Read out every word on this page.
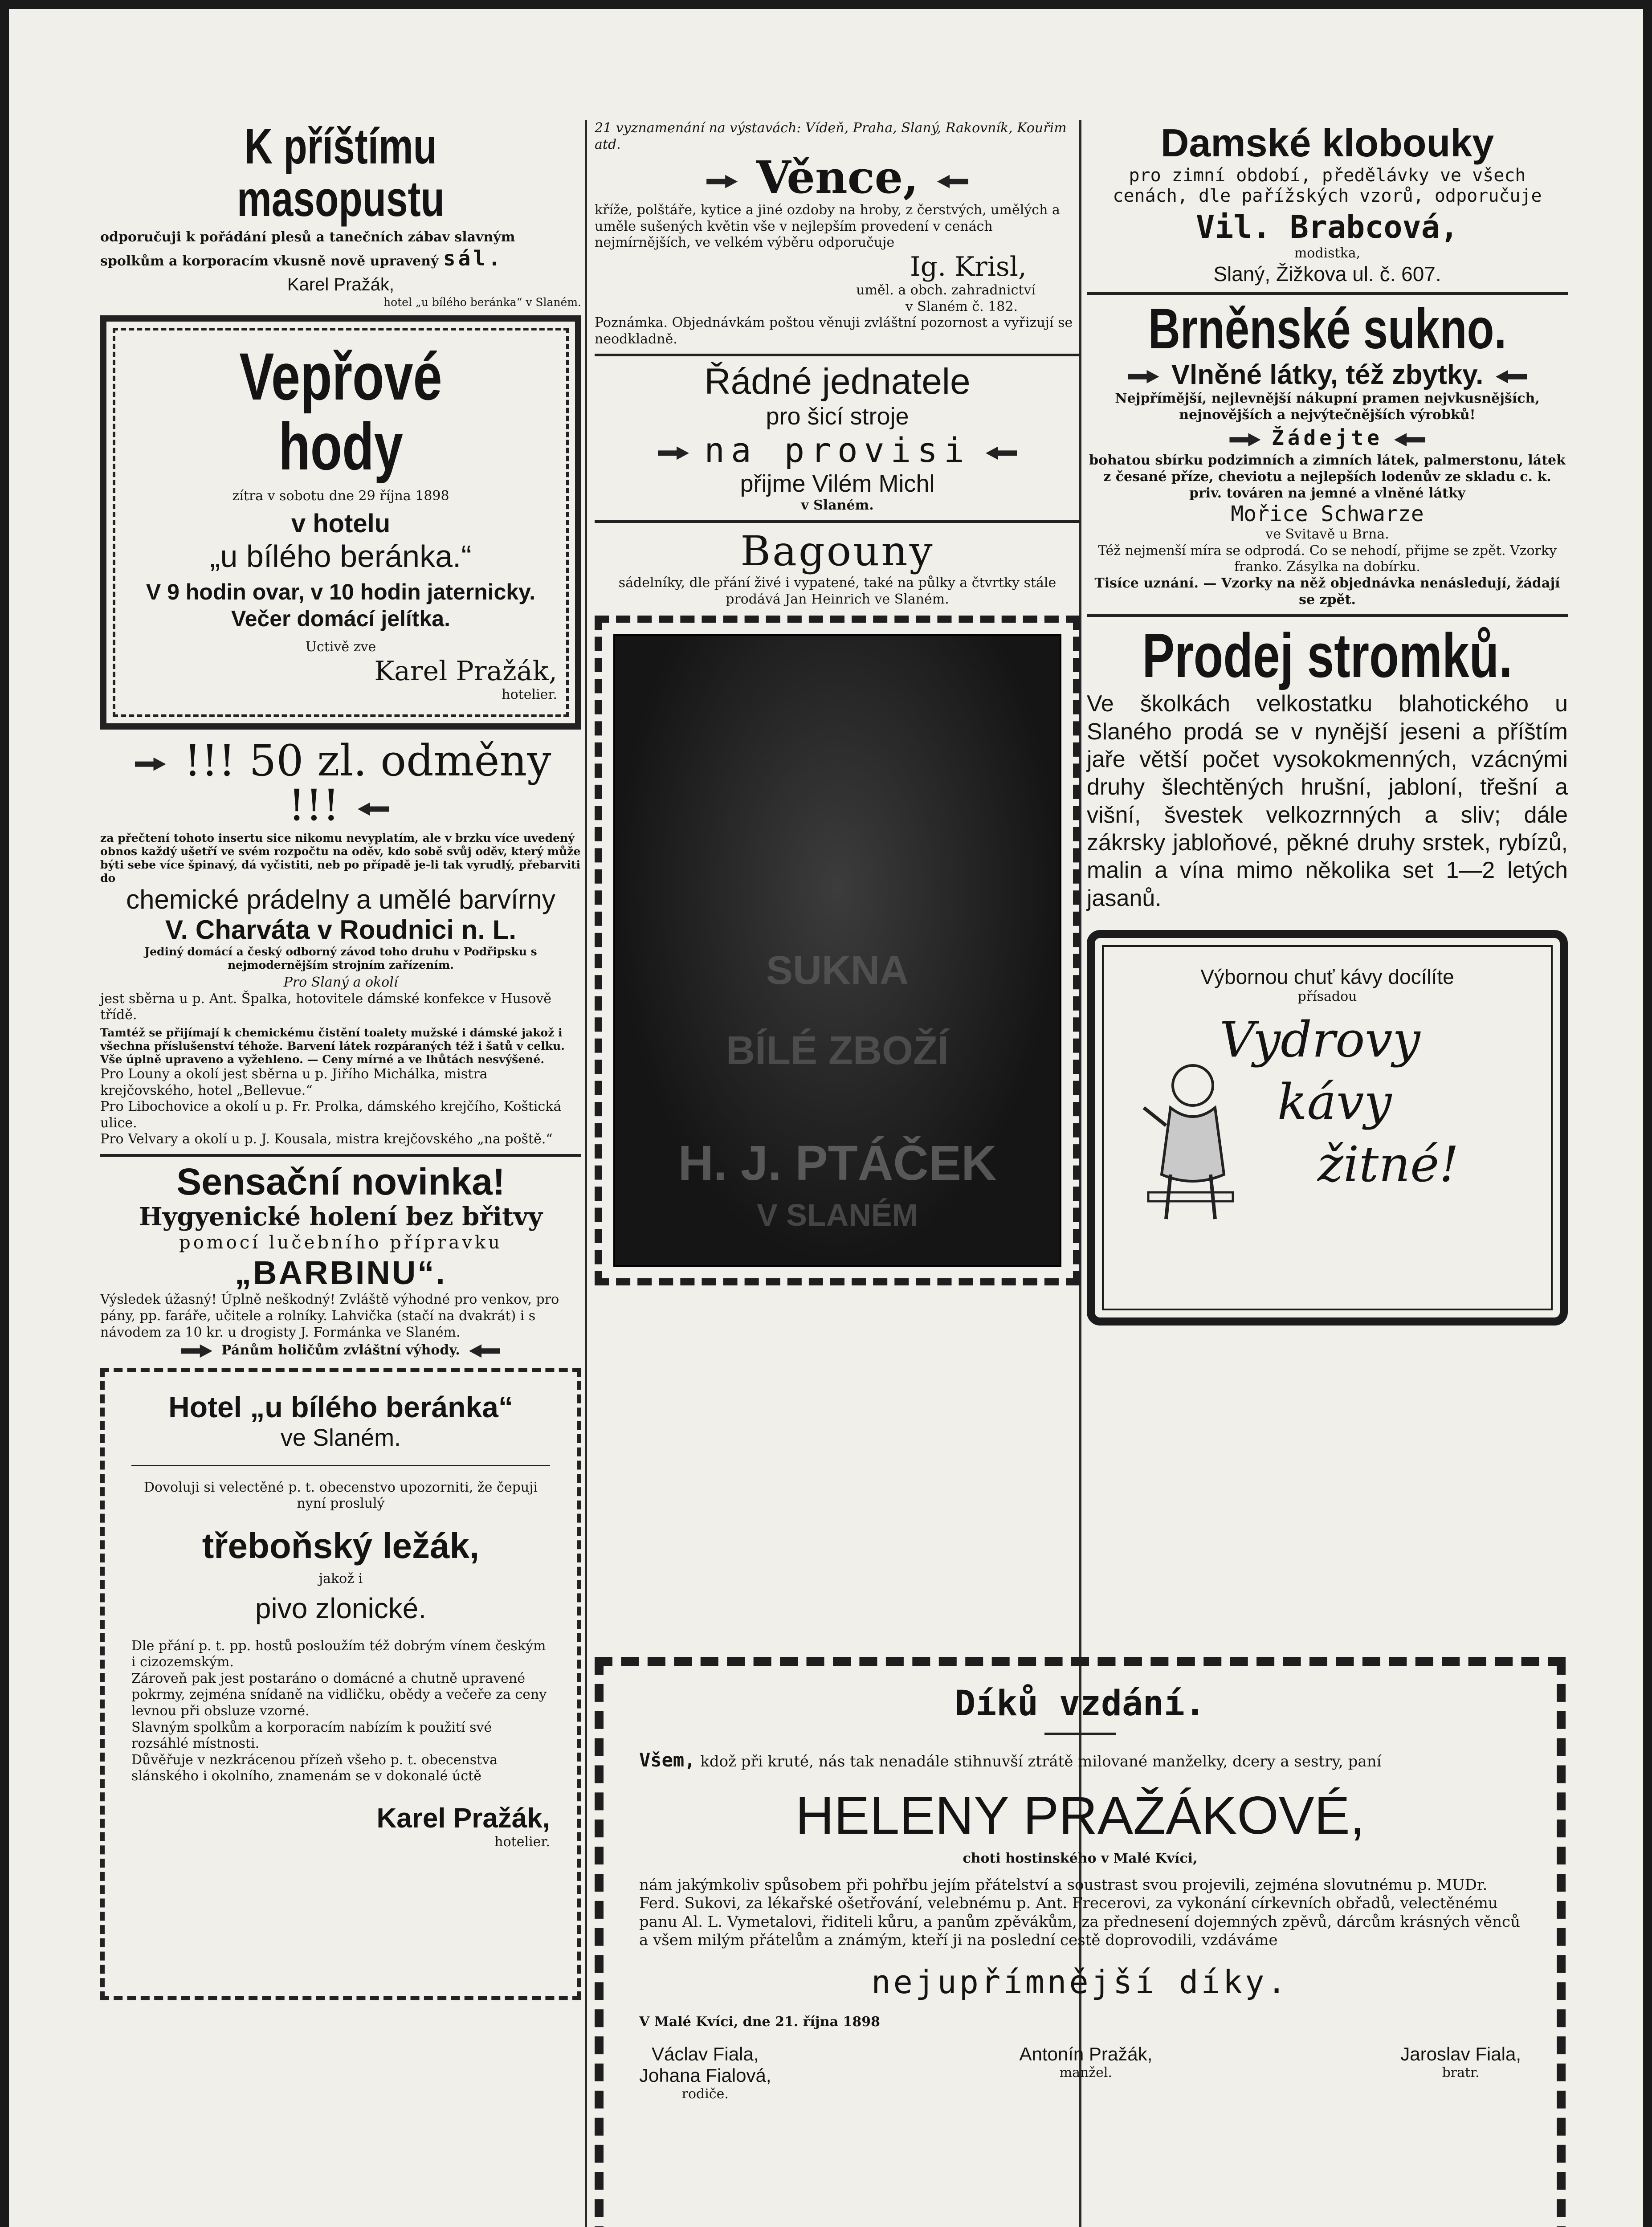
K příštímu masopustu

odporučuji k pořádání plesů a tanečních zábav slavným spolkům a korporacím vkusně nově upravený sál.

Karel Pražák,

hotel „u bílého beránka“ v Slaném.

Vepřové hody

zítra v sobotu dne 29 října 1898

v hotelu

„u bílého beránka.“

V 9 hodin ovar, v 10 hodin jaternicky. Večer domácí jelítka.

Uctivě zve

Karel Pražák,

hotelier.

!!! 50 zl. odměny !!!

za přečtení tohoto insertu sice nikomu nevyplatím, ale v brzku více uvedený obnos každý ušetří ve svém rozpočtu na oděv, kdo sobě svůj oděv, který může býti sebe více špinavý, dá vyčistiti, neb po případě je-li tak vyrudlý, přebarviti do

chemické prádelny a umělé barvírny

V. Charváta v Roudnici n. L.

Jediný domácí a český odborný závod toho druhu v Podřipsku s nejmodernějším strojním zařízením.

Pro Slaný a okolí

jest sběrna u p. Ant. Špalka, hotovitele dámské konfekce v Husově třídě.

Tamtéž se přijímají k chemickému čistění toalety mužské i dámské jakož i všechna příslušenství téhože. Barvení látek rozpáraných též i šatů v celku. Vše úplně upraveno a vyžehleno. — Ceny mírné a ve lhůtách nesvýšené.

Pro Louny a okolí jest sběrna u p. Jiřího Michálka, mistra krejčovského, hotel „Bellevue.“

Pro Libochovice a okolí u p. Fr. Prolka, dámského krejčího, Koštická ulice.

Pro Velvary a okolí u p. J. Kousala, mistra krejčovského „na poště.“

Sensační novinka!

Hygyenické holení bez břitvy

pomocí lučebního přípravku

„BARBINU“.

Výsledek úžasný! Úplně neškodný! Zvláště výhodné pro venkov, pro pány, pp. faráře, učitele a rolníky. Lahvička (stačí na dvakrát) i s návodem za 10 kr. u drogisty J. Formánka ve Slaném.

Pánům holičům zvláštní výhody.

Hotel „u bílého beránka“

ve Slaném.

Dovoluji si velectěné p. t. obecenstvo upozorniti, že čepuji nyní proslulý

třeboňský ležák,

jakož i

pivo zlonické.

Dle přání p. t. pp. hostů posloužím též dobrým vínem českým i cizozemským.

Zároveň pak jest postaráno o domácné a chutně upravené pokrmy, zejména snídaně na vidličku, obědy a večeře za ceny levnou při obsluze vzorné.

Slavným spolkům a korporacím nabízím k použití své rozsáhlé místnosti.

Důvěřuje v nezkrácenou přízeň všeho p. t. obecenstva slánského i okolního, znamenám se v dokonalé úctě

Karel Pražák,

hotelier.

21 vyznamenání na výstavách: Vídeň, Praha, Slaný, Rakovník, Kouřim atd.

Věnce,

kříže, polštáře, kytice a jiné ozdoby na hroby, z čerstvých, umělých a uměle sušených květin vše v nejlepším provedení v cenách nejmírnějších, ve velkém výběru odporučuje

Ig. Krisl,

uměl. a obch. zahradnictví

v Slaném č. 182.

Poznámka. Objednávkám poštou věnuji zvláštní pozornost a vyřizují se neodkladně.

Řádné jednatele

pro šicí stroje

na provisi

přijme Vilém Michl

v Slaném.

Bagouny

sádelníky, dle přání živé i vypatené, také na půlky a čtvrtky stále prodává Jan Heinrich ve Slaném.

SUKNA
BÍLÉ ZBOŽÍ
H. J. PTÁČEK
V SLANÉM

Damské klobouky

pro zimní období, předělávky ve všech cenách, dle pařížských vzorů, odporučuje

Vil. Brabcová,

modistka,

Slaný, Žižkova ul. č. 607.

Brněnské sukno.
Vlněné látky, též zbytky.

Nejpřímější, nejlevnější nákupní pramen nejvkusnějších, nejnovějších a nejvýtečnějších výrobků!

Žádejte

bohatou sbírku podzimních a zimních látek, palmerstonu, látek z česané příze, cheviotu a nejlepších lodenův ze skladu c. k. priv. továren na jemné a vlněné látky

Mořice Schwarze

ve Svitavě u Brna.

Též nejmenší míra se odprodá. Co se nehodí, přijme se zpět. Vzorky franko. Zásylka na dobírku.

Tisíce uznání. — Vzorky na něž objednávka nenásledují, žádají se zpět.

Prodej stromků.

Ve školkách velkostatku blahotického u Slaného prodá se v nynější jeseni a příštím jaře větší počet vysokokmenných, vzácnými druhy šlechtěných hrušní, jabloní, třešní a višní, švestek velkozrnných a sliv; dále zákrsky jabloňové, pěkné druhy srstek, rybízů, malin a vína mimo několika set 1—2 letých jasanů.

Výbornou chuť kávy docílíte

přísadou

Vydrovy

kávy

žitné!

Díků vzdání.

Všem, kdož při kruté, nás tak nenadále stihnuvší ztrátě milované manželky, dcery a sestry, paní

HELENY PRAŽÁKOVÉ,

choti hostinského v Malé Kvíci,

nám jakýmkoliv spůsobem při pohřbu jejím přátelství a soustrast svou projevili, zejména slovutnému p. MUDr. Ferd. Sukovi, za lékařské ošetřování, velebnému p. Ant. Frecerovi, za vykonání církevních obřadů, velectěnému panu Al. L. Vymetalovi, řiditeli kůru, a panům zpěvákům, za přednesení dojemných zpěvů, dárcům krásných věnců a všem milým přátelům a známým, kteří ji na poslední cestě doprovodili, vzdáváme

nejupřímnější díky.

V Malé Kvíci, dne 21. října 1898

Václav Fiala,

Johana Fialová,

rodiče.

Antonín Pražák,

manžel.

Jaroslav Fiala,

bratr.
